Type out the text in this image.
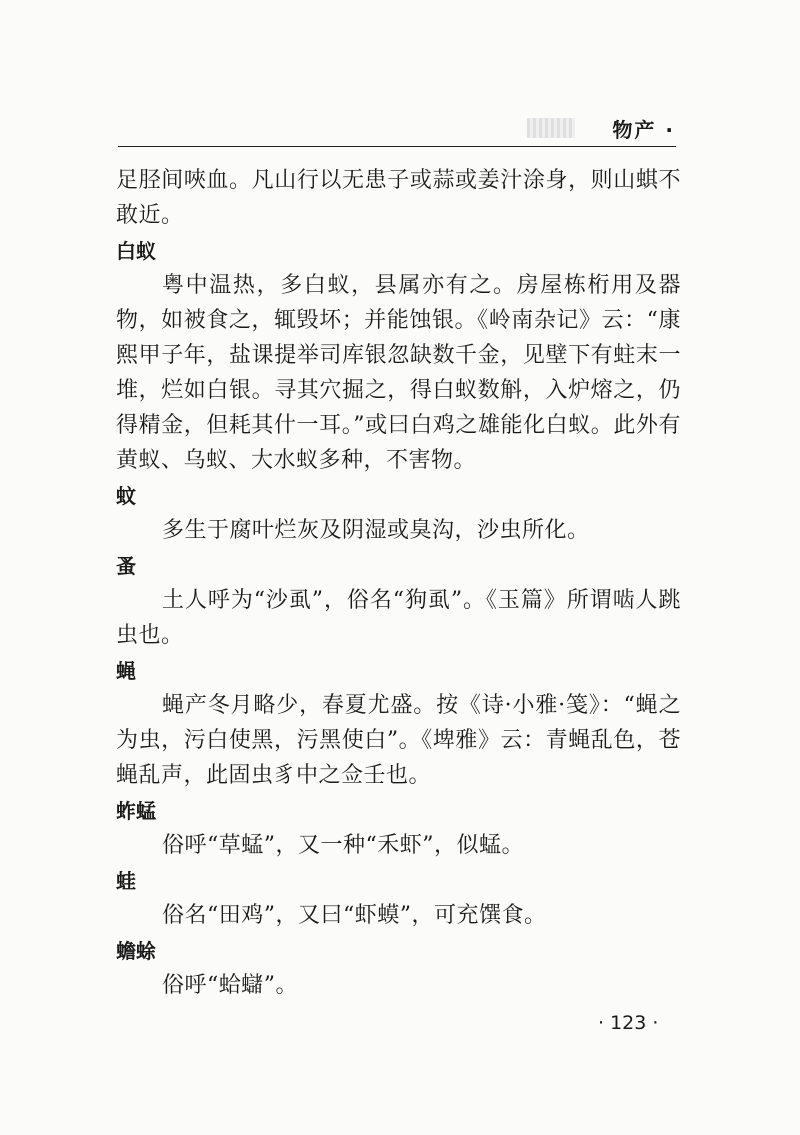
物产 ·

足胫间唊血。凡山行以无患子或蒜或姜汁涂身，则山蜞不敢近。

白蚁

粤中温热，多白蚁，县属亦有之。房屋栋桁用及器物，如被食之，辄毁坏；并能蚀银。《岭南杂记》云：“康熙甲子年，盐课提举司库银忽缺数千金，见壁下有蛀末一堆，烂如白银。寻其穴掘之，得白蚁数斛，入炉熔之，仍得精金，但耗其什一耳。”或曰白鸡之雄能化白蚁。此外有黄蚁、乌蚁、大水蚁多种，不害物。

蚊

多生于腐叶烂灰及阴湿或臭沟，沙虫所化。

蚤

土人呼为“沙虱”，俗名“狗虱”。《玉篇》所谓啮人跳虫也。

蝇

蝇产冬月略少，春夏尤盛。按《诗·小雅·笺》：“蝇之为虫，污白使黑，污黑使白”。《埤雅》云：青蝇乱色，苍蝇乱声，此固虫豸中之佥壬也。

蚱蜢

俗呼“草蜢”，又一种“禾虾”，似蜢。

蛙

俗名“田鸡”，又曰“虾蟆”，可充馔食。

蟾蜍

俗呼“蛤蠩”。

· 123 ·
